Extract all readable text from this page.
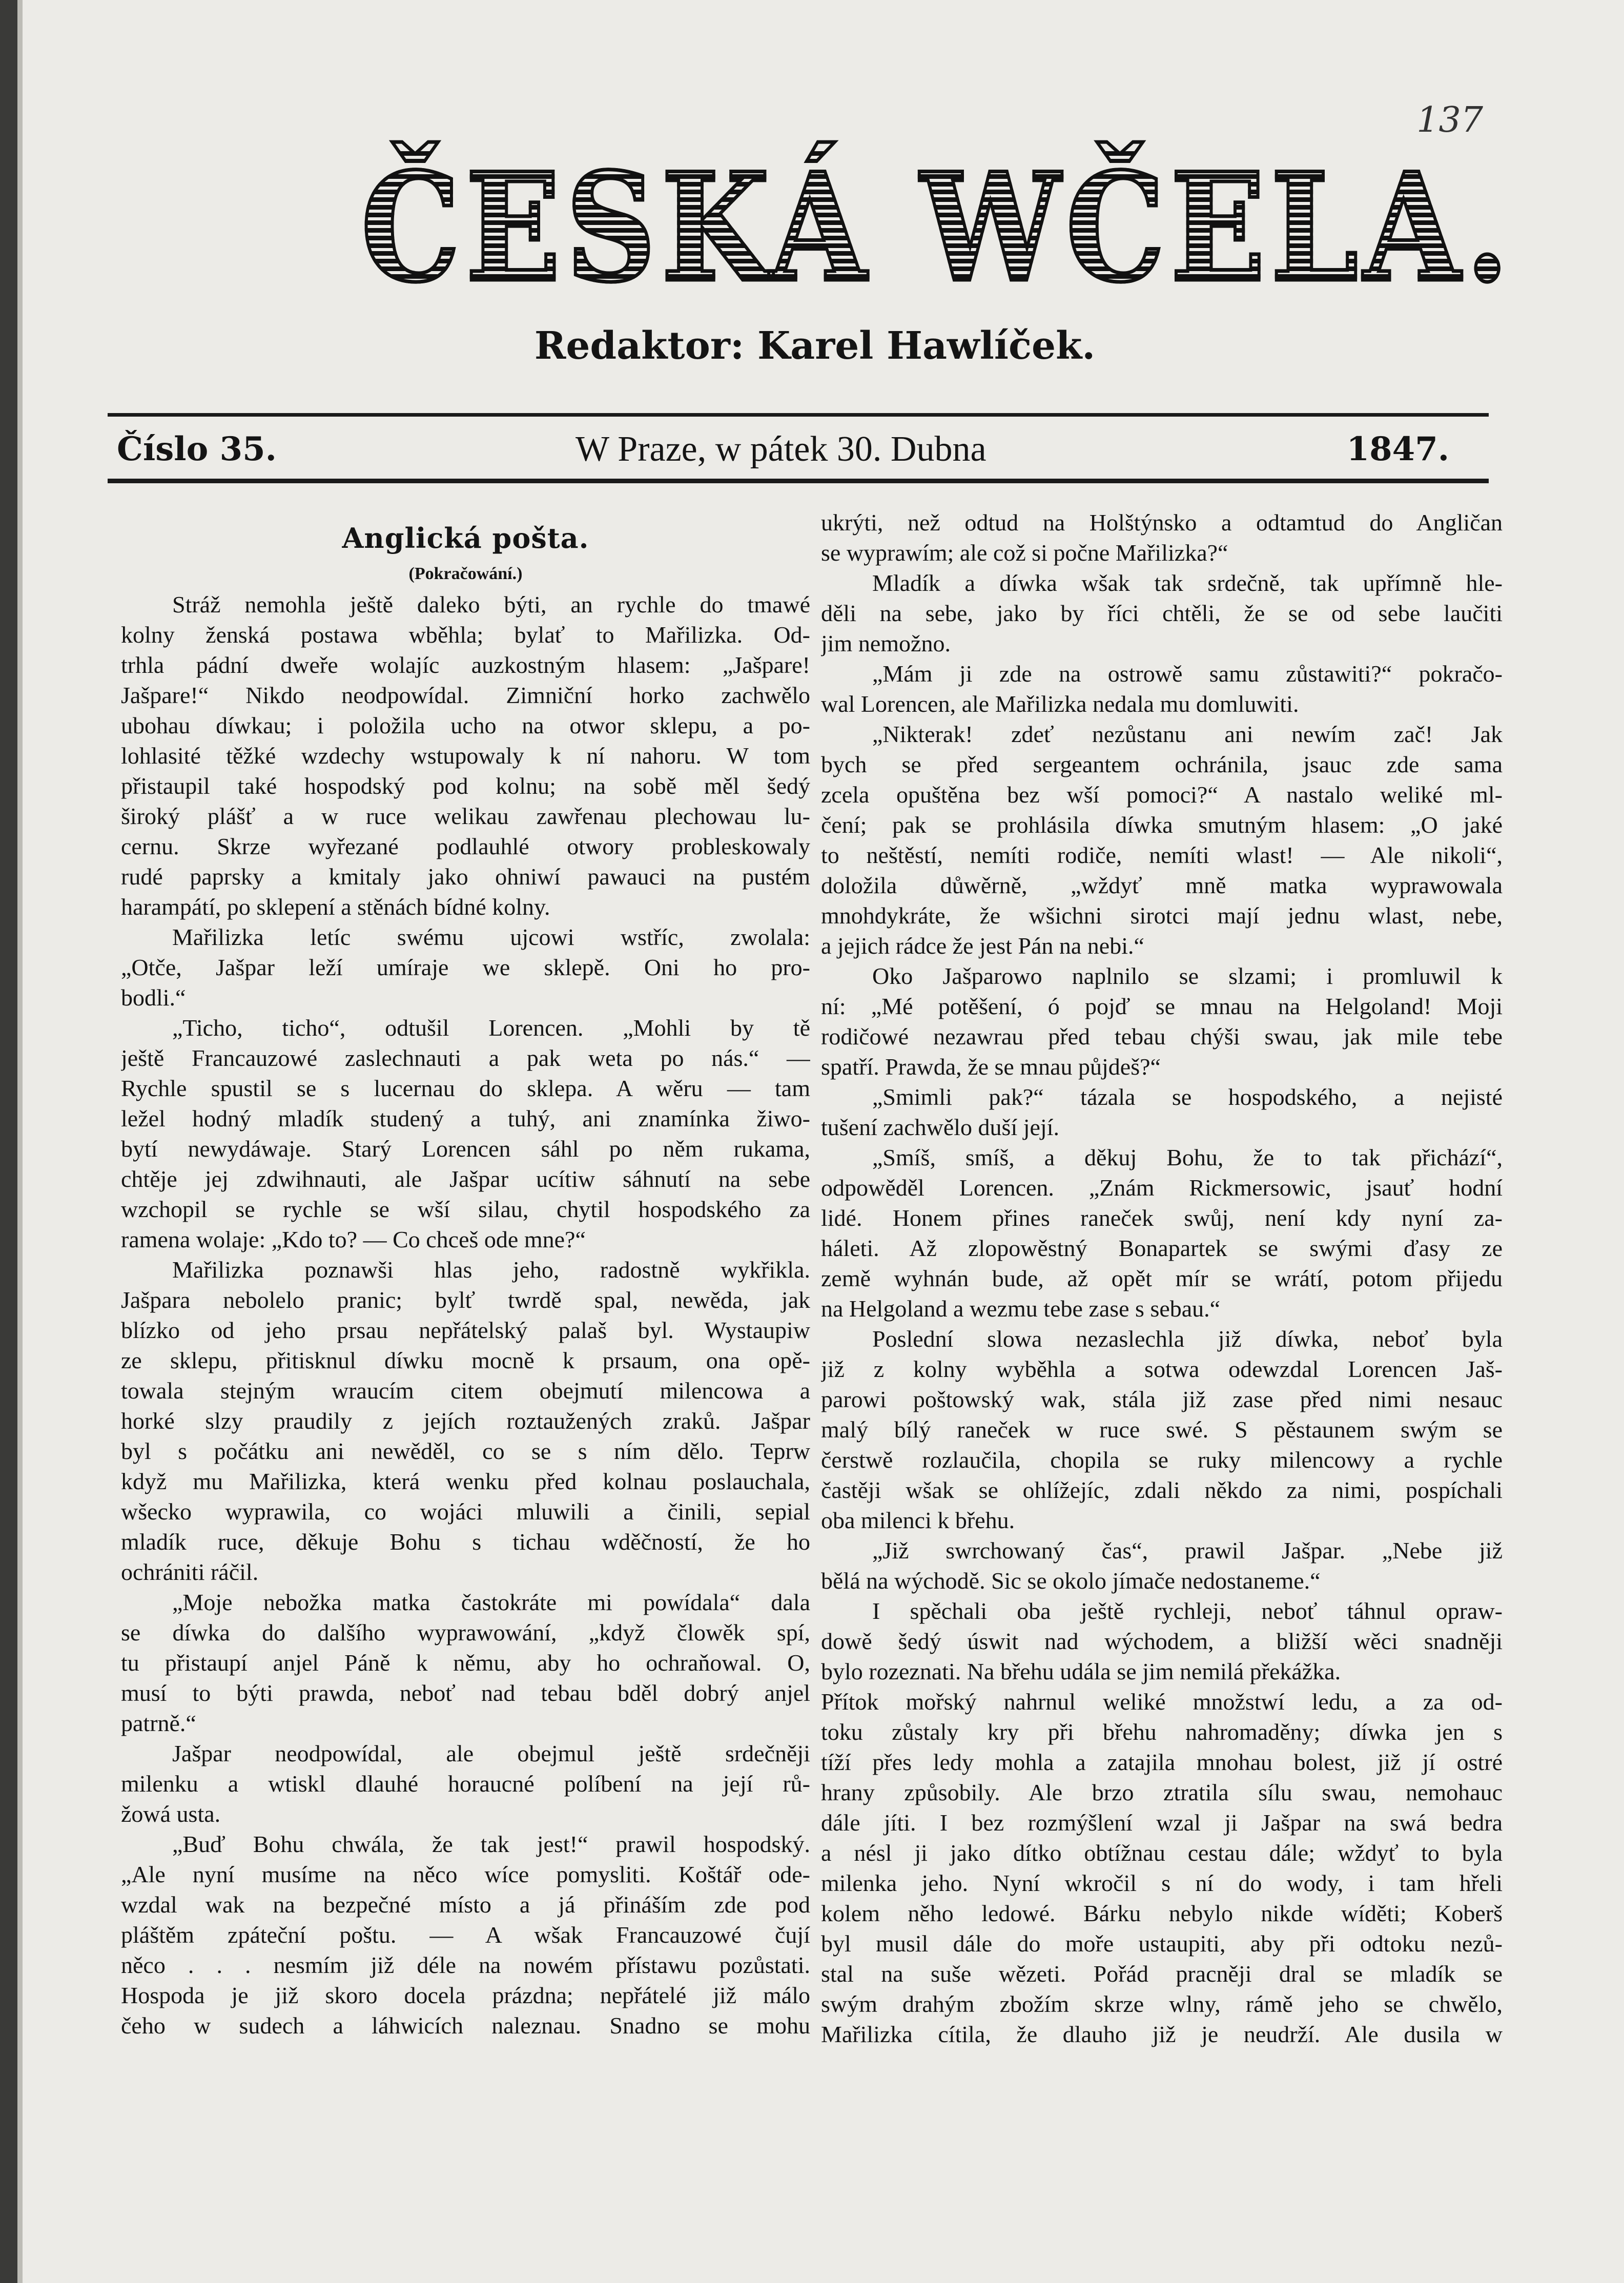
137
ČESKÁ WČELA.
Redaktor: Karel Hawlíček.
Číslo 35.	W Praze, w pátek 30. Dubna	1847.
Anglická pošta.
(Pokračowání.)
Stráž nemohla ještě daleko býti, an rychle do tmawé
kolny ženská postawa wběhla; bylať to Mařilizka. Od-
trhla pádní dweře wolajíc auzkostným hlasem: „Jašpare!
Jašpare!“ Nikdo neodpowídal. Zimniční horko zachwělo
ubohau díwkau; i položila ucho na otwor sklepu, a po-
lohlasité těžké wzdechy wstupowaly k ní nahoru. W tom
přistaupil také hospodský pod kolnu; na sobě měl šedý
široký plášť a w ruce welikau zawřenau plechowau lu-
cernu. Skrze wyřezané podlauhlé otwory probleskowaly
rudé paprsky a kmitaly jako ohniwí pawauci na pustém
harampátí, po sklepení a stěnách bídné kolny.
Mařilizka letíc swému ujcowi wstříc, zwolala:
„Otče, Jašpar leží umíraje we sklepě. Oni ho pro-
bodli.“
„Ticho, ticho“, odtušil Lorencen. „Mohli by tě
ještě Francauzowé zaslechnauti a pak weta po nás.“ —
Rychle spustil se s lucernau do sklepa. A wěru — tam
ležel hodný mladík studený a tuhý, ani znamínka žiwo-
bytí newydáwaje. Starý Lorencen sáhl po něm rukama,
chtěje jej zdwihnauti, ale Jašpar ucítiw sáhnutí na sebe
wzchopil se rychle se wší silau, chytil hospodského za
ramena wolaje: „Kdo to? — Co chceš ode mne?“
Mařilizka poznawši hlas jeho, radostně wykřikla.
Jašpara nebolelo pranic; bylť twrdě spal, newěda, jak
blízko od jeho prsau nepřátelský palaš byl. Wystaupiw
ze sklepu, přitisknul díwku mocně k prsaum, ona opě-
towala stejným wraucím citem obejmutí milencowa a
horké slzy praudily z jejích roztaužených zraků. Jašpar
byl s počátku ani newěděl, co se s ním dělo. Teprw
když mu Mařilizka, která wenku před kolnau poslauchala,
wšecko wyprawila, co wojáci mluwili a činili, sepial
mladík ruce, děkuje Bohu s tichau wděčností, že ho
ochrániti ráčil.
„Moje nebožka matka častokráte mi powídala“ dala
se díwka do dalšího wyprawowání, „když člowěk spí,
tu přistaupí anjel Páně k němu, aby ho ochraňowal. O,
musí to býti prawda, neboť nad tebau bděl dobrý anjel
patrně.“
Jašpar neodpowídal, ale obejmul ještě srdečněji
milenku a wtiskl dlauhé horaucné políbení na její rů-
žowá usta.
„Buď Bohu chwála, že tak jest!“ prawil hospodský.
„Ale nyní musíme na něco wíce pomysliti. Koštář ode-
wzdal wak na bezpečné místo a já přináším zde pod
pláštěm zpáteční poštu. — A wšak Francauzowé čují
něco . . . nesmím již déle na nowém přístawu pozůstati.
Hospoda je již skoro docela prázdna; nepřátelé již málo
čeho w sudech a láhwicích naleznau. Snadno se mohu
ukrýti, než odtud na Holštýnsko a odtamtud do Angličan
se wyprawím; ale což si počne Mařilizka?“
Mladík a díwka wšak tak srdečně, tak upřímně hle-
děli na sebe, jako by říci chtěli, že se od sebe laučiti
jim nemožno.
„Mám ji zde na ostrowě samu zůstawiti?“ pokračo-
wal Lorencen, ale Mařilizka nedala mu domluwiti.
„Nikterak! zdeť nezůstanu ani newím zač! Jak
bych se před sergeantem ochránila, jsauc zde sama
zcela opuštěna bez wší pomoci?“ A nastalo weliké ml-
čení; pak se prohlásila díwka smutným hlasem: „O jaké
to neštěstí, nemíti rodiče, nemíti wlast! — Ale nikoli“,
doložila důwěrně, „wždyť mně matka wyprawowala
mnohdykráte, že wšichni sirotci mají jednu wlast, nebe,
a jejich rádce že jest Pán na nebi.“
Oko Jašparowo naplnilo se slzami; i promluwil k
ní: „Mé potěšení, ó pojď se mnau na Helgoland! Moji
rodičowé nezawrau před tebau chýši swau, jak mile tebe
spatří. Prawda, že se mnau půjdeš?“
„Smimli pak?“ tázala se hospodského, a nejisté
tušení zachwělo duší její.
„Smíš, smíš, a děkuj Bohu, že to tak přichází“,
odpowěděl Lorencen. „Znám Rickmersowic, jsauť hodní
lidé. Honem přines raneček swůj, není kdy nyní za-
háleti. Až zlopowěstný Bonapartek se swými ďasy ze
země wyhnán bude, až opět mír se wrátí, potom přijedu
na Helgoland a wezmu tebe zase s sebau.“
Poslední slowa nezaslechla již díwka, neboť byla
již z kolny wyběhla a sotwa odewzdal Lorencen Jaš-
parowi poštowský wak, stála již zase před nimi nesauc
malý bílý raneček w ruce swé. S pěstaunem swým se
čerstwě rozlaučila, chopila se ruky milencowy a rychle
častěji wšak se ohlížejíc, zdali někdo za nimi, pospíchali
oba milenci k břehu.
„Již swrchowaný čas“, prawil Jašpar. „Nebe již
bělá na wýchodě. Sic se okolo jímače nedostaneme.“
I spěchali oba ještě rychleji, neboť táhnul opraw-
dowě šedý úswit nad wýchodem, a bližší wěci snadněji
bylo rozeznati. Na břehu udála se jim nemilá překážka.
Přítok mořský nahrnul weliké množstwí ledu, a za od-
toku zůstaly kry při břehu nahromaděny; díwka jen s
tíží přes ledy mohla a zatajila mnohau bolest, již jí ostré
hrany způsobily. Ale brzo ztratila sílu swau, nemohauc
dále jíti. I bez rozmýšlení wzal ji Jašpar na swá bedra
a nésl ji jako dítko obtížnau cestau dále; wždyť to byla
milenka jeho. Nyní wkročil s ní do wody, i tam hřeli
kolem něho ledowé. Bárku nebylo nikde wíděti; Koberš
byl musil dále do moře ustaupiti, aby při odtoku nezů-
stal na suše wězeti. Pořád pracněji dral se mladík se
swým drahým zbožím skrze wlny, rámě jeho se chwělo,
Mařilizka cítila, že dlauho již je neudrží. Ale dusila w
